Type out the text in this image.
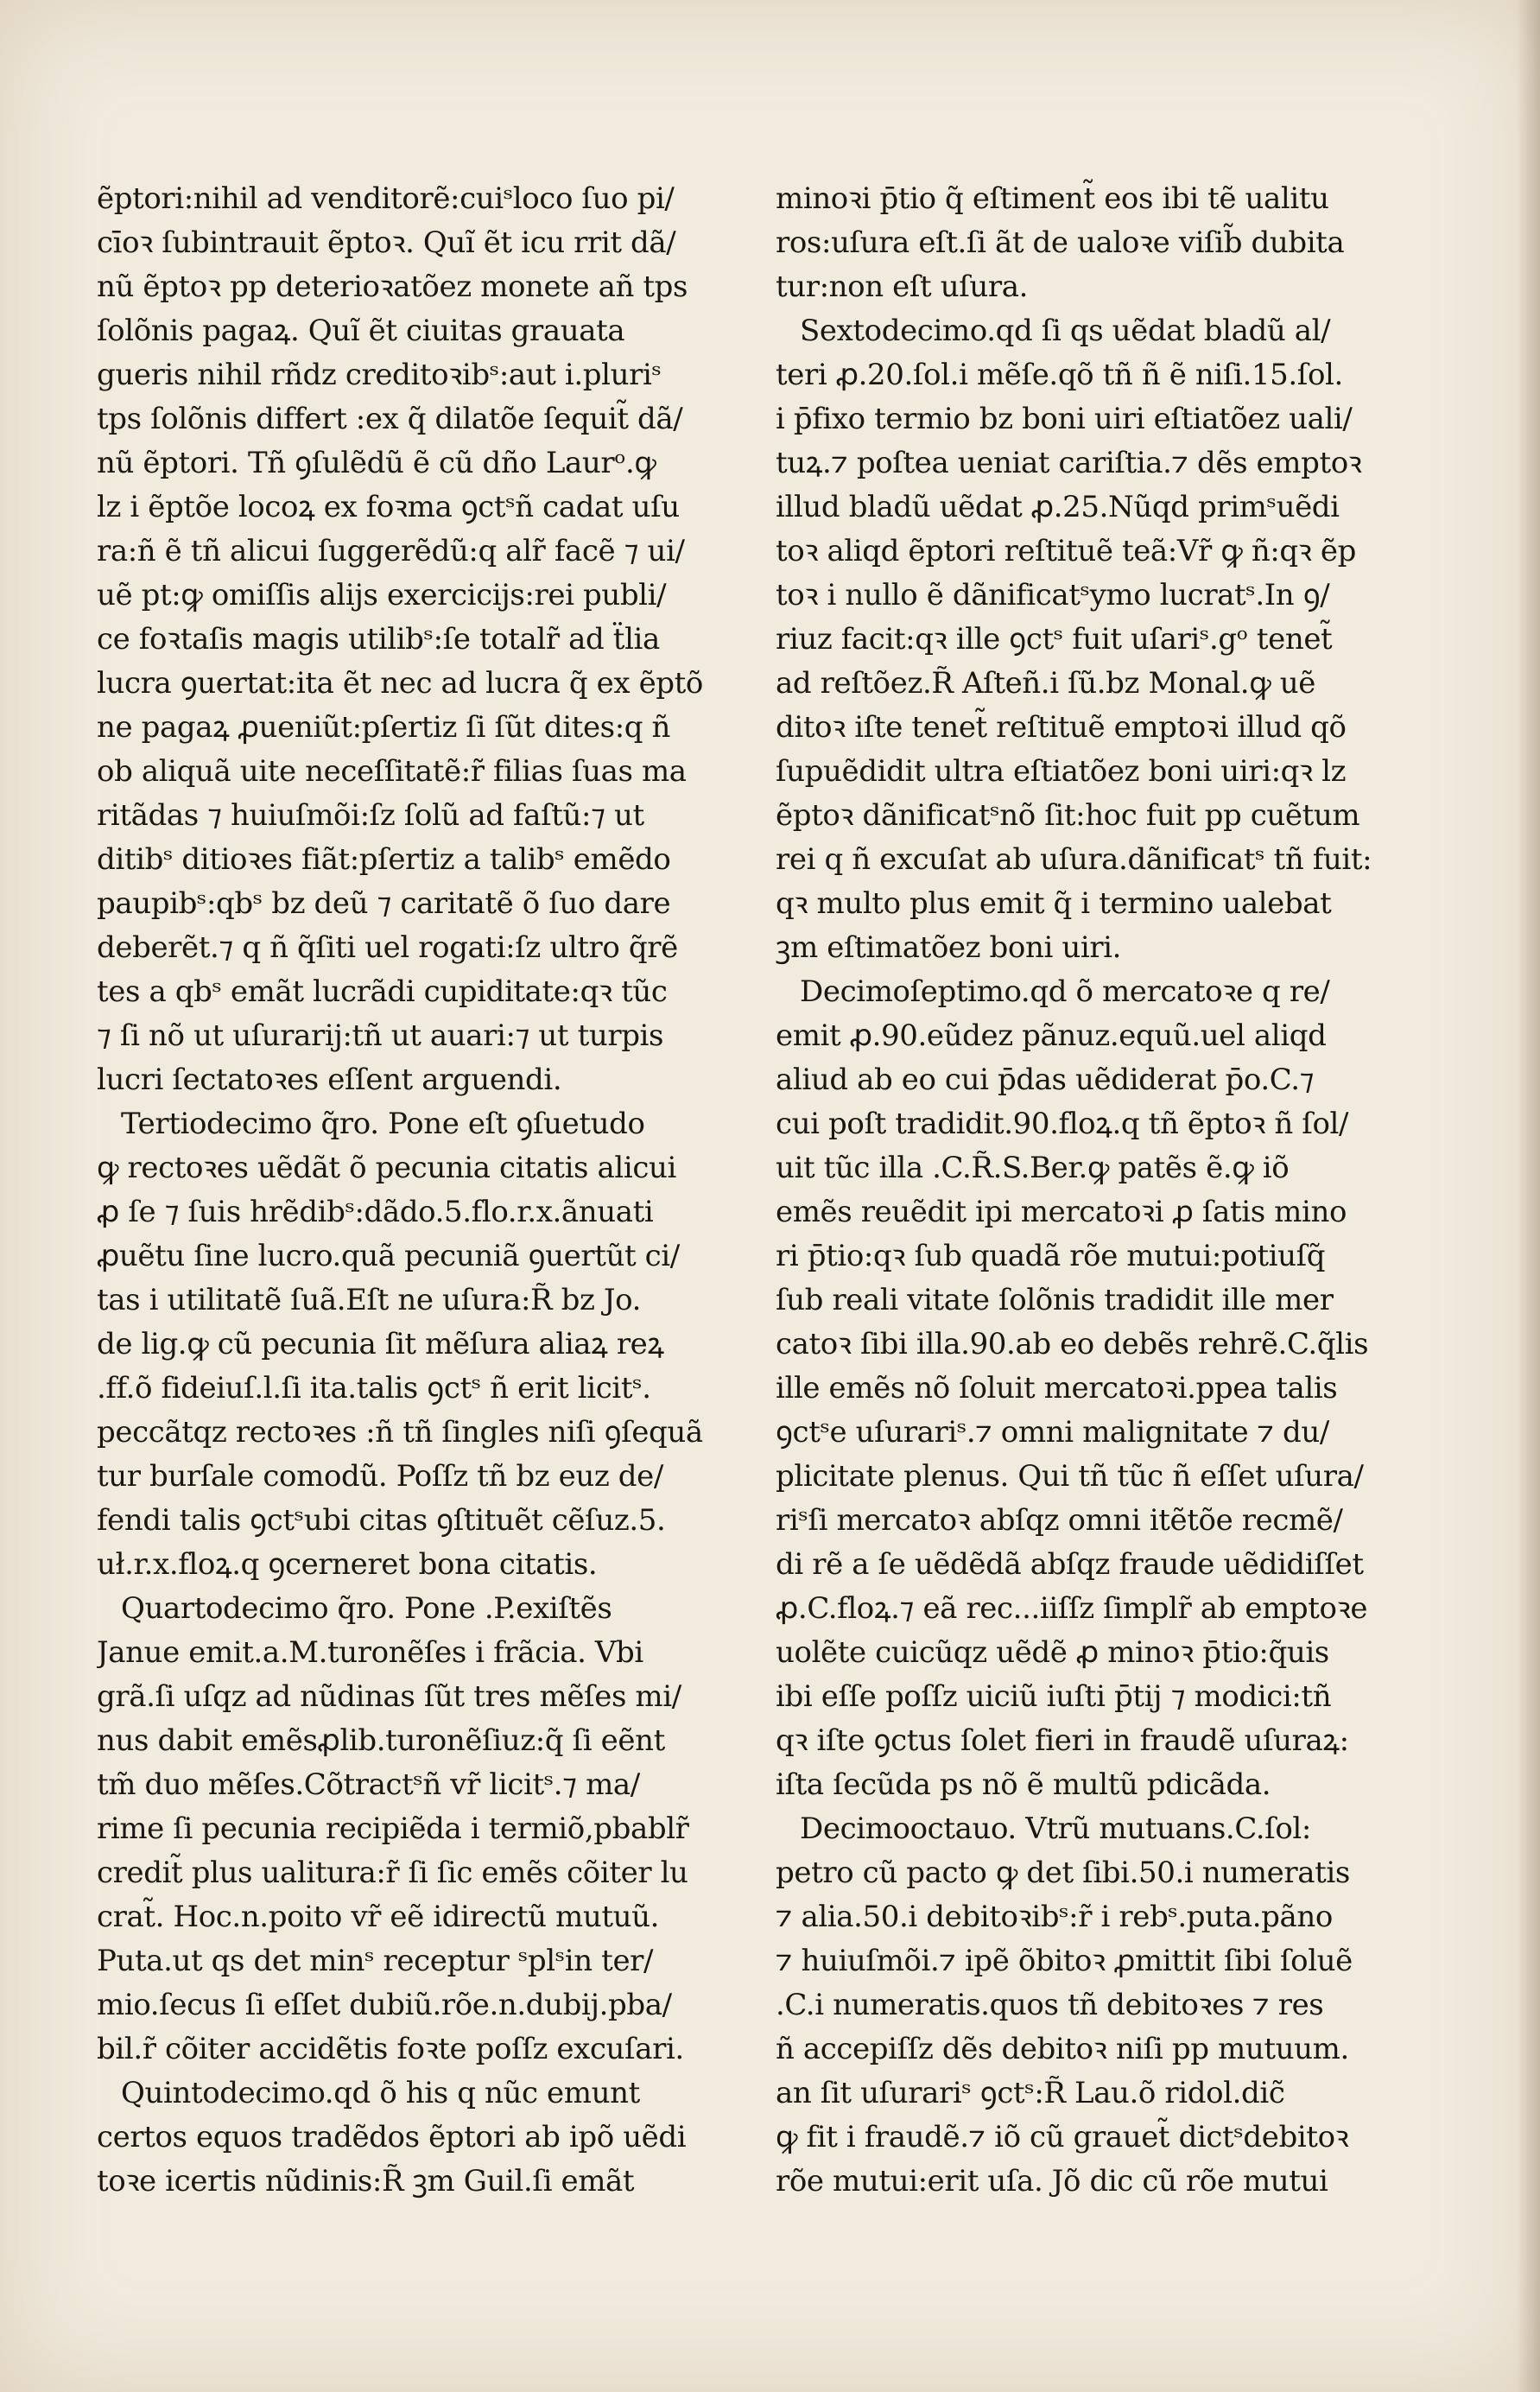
ẽptori:nihil ad venditorẽ:cuiˢloco ſuo pi/
cīoꝛ ſubintrauit ẽptoꝛ. Quĩ ẽt icu rrit dã/
nũ ẽptoꝛ pp deterioꝛatõez monete añ tps
ſolõnis pagaꝝ. Quĩ ẽt ciuitas grauata
gueris nihil rñdz creditoꝛibˢ:aut i.pluriˢ
tps ſolõnis differt :ex q̃ dilatõe ſequit̃ dã/
nũ ẽptori. Tñ ꝯſulẽdũ ẽ cũ dño Laurᵒ.ꝙ
lz i ẽptõe locoꝝ ex foꝛma ꝯctˢñ cadat uſu
ra:ñ ẽ tñ alicui ſuggerẽdũ:q alr̃ facẽ ⁊ ui/
uẽ pt:ꝙ omiſſis alijs exercicijs:rei publi/
ce foꝛtaſis magis utilibˢ:ſe totalr̃ ad ẗlia
lucra ꝯuertat:ita ẽt nec ad lucra q̃ ex ẽptõ
ne pagaꝝ ꝓueniũt:pſertiz ſi ſũt dites:q ñ
ob aliquã uite neceſſitatẽ:r̃ filias ſuas ma
ritãdas ⁊ huiuſmõi:ſz ſolũ ad faſtũ:⁊ ut
ditibˢ ditioꝛes fiãt:pſertiz a talibˢ emẽdo
paupibˢ:qbˢ bz deũ ⁊ caritatẽ õ ſuo dare
deberẽt.⁊ q ñ q̃ſiti uel rogati:ſz ultro q̃rẽ
tes a qbˢ emãt lucrãdi cupiditate:qꝛ tũc
⁊ ſi nõ ut uſurarij:tñ ut auari:⁊ ut turpis
lucri ſectatoꝛes eſſent arguendi.
Tertiodecimo q̃ro. Pone eſt ꝯſuetudo
ꝙ rectoꝛes uẽdãt õ pecunia citatis alicui
ꝓ ſe ⁊ ſuis hrẽdibˢ:dãdo.5.flo.r.x.ãnuati
ꝓuẽtu ſine lucro.quã pecuniã ꝯuertũt ci/
tas i utilitatẽ ſuã.Eſt ne uſura:R̃ bz Jo.
de lig.ꝙ cũ pecunia ſit mẽſura aliaꝝ reꝝ
.ff.õ fideiuſ.l.ſi ita.talis ꝯctˢ ñ erit licitˢ.
peccãtqz rectoꝛes :ñ tñ ſingles niſi ꝯſequã
tur burſale comodũ. Poſſz tñ bz euz de/
fendi talis ꝯctˢubi citas ꝯſtituẽt cẽſuz.5.
uł.r.x.floꝝ.q ꝯcerneret bona citatis.
Quartodecimo q̃ro. Pone .P.exiſtẽs
Janue emit.a.M.turonẽſes i frãcia. Vbi
grã.ſi uſqz ad nũdinas ſũt tres mẽſes mi/
nus dabit emẽsꝓlib.turonẽſiuz:q̃ ſi eẽnt
tm̃ duo mẽſes.Cõtractˢñ vr̃ licitˢ.⁊ ma/
rime ſi pecunia recipiẽda i termiõ,pbablr̃
credit̃ plus ualitura:r̃ ſi ſic emẽs cõiter lu
crat̃. Hoc.n.poito vr̃ eẽ idirectũ mutuũ.
Puta.ut qs det minˢ receptur ˢplˢin ter/
mio.ſecus ſi eſſet dubiũ.rõe.n.dubij.pba/
bil.r̃ cõiter accidẽtis foꝛte poſſz excuſari.
Quintodecimo.qd õ his q nũc emunt
certos equos tradẽdos ẽptori ab ipõ uẽdi
toꝛe icertis nũdinis:R̃ ꝫm Guil.ſi emãt
minoꝛi p̄tio q̃ eſtiment̃ eos ibi tẽ ualitu
ros:uſura eſt.ſi ãt de ualoꝛe viſib̃ dubita
tur:non eſt uſura.
Sextodecimo.qd ſi qs uẽdat bladũ al/
teri ꝓ.20.ſol.i mẽſe.qõ tñ ñ ẽ niſi.15.ſol.
i p̄fixo termio bz boni uiri eſtiatõez uali/
tuꝝ.⁊ poſtea ueniat cariſtia.⁊ dẽs emptoꝛ
illud bladũ uẽdat ꝓ.25.Nũqd primˢuẽdi
toꝛ aliqd ẽptori reſtituẽ teã:Vr̃ ꝙ ñ:qꝛ ẽp
toꝛ i nullo ẽ dãnificatˢymo lucratˢ.In ꝯ/
riuz facit:qꝛ ille ꝯctˢ fuit uſariˢ.gᵒ tenet̃
ad reſtõez.R̃ Aſteñ.i ſũ.bz Monal.ꝙ uẽ
ditoꝛ iſte tenet̃ reſtituẽ emptoꝛi illud qõ
ſupuẽdidit ultra eſtiatõez boni uiri:qꝛ lz
ẽptoꝛ dãnificatˢnõ ſit:hoc fuit pp cuẽtum
rei q ñ excuſat ab uſura.dãnificatˢ tñ fuit:
qꝛ multo plus emit q̃ i termino ualebat
ꝫm eſtimatõez boni uiri.
Decimoſeptimo.qd õ mercatoꝛe q re/
emit ꝓ.90.eũdez pãnuz.equũ.uel aliqd
aliud ab eo cui p̄das uẽdiderat p̄o.C.⁊
cui poſt tradidit.90.floꝝ.q tñ ẽptoꝛ ñ ſol/
uit tũc illa .C.R̃.S.Ber.ꝙ patẽs ẽ.ꝙ iõ
emẽs reuẽdit ipi mercatoꝛi ꝓ ſatis mino
ri p̄tio:qꝛ ſub quadã rõe mutui:potiuſq̃
ſub reali vitate ſolõnis tradidit ille mer
catoꝛ ſibi illa.90.ab eo debẽs rehrẽ.C.q̃lis
ille emẽs nõ ſoluit mercatoꝛi.ppea talis
ꝯctˢe uſurariˢ.⁊ omni malignitate ⁊ du/
plicitate plenus. Qui tñ tũc ñ eſſet uſura/
riˢſi mercatoꝛ abſqz omni itẽtõe recmẽ/
di rẽ a ſe uẽdẽdã abſqz fraude uẽdidiſſet
ꝓ.C.floꝝ.⁊ eã rec...iiſſz ſimplr̃ ab emptoꝛe
uolẽte cuicũqz uẽdẽ ꝓ minoꝛ p̄tio:q̃uis
ibi eſſe poſſz uiciũ iuſti p̄tij ⁊ modici:tñ
qꝛ iſte ꝯctus ſolet fieri in fraudẽ uſuraꝝ:
iſta ſecũda ps nõ ẽ multũ pdicãda.
Decimooctauo. Vtrũ mutuans.C.ſol:
petro cũ pacto ꝙ det ſibi.50.i numeratis
⁊ alia.50.i debitoꝛibˢ:r̃ i rebˢ.puta.pãno
⁊ huiuſmõi.⁊ ipẽ õbitoꝛ ꝓmittit ſibi ſoluẽ
.C.i numeratis.quos tñ debitoꝛes ⁊ res
ñ accepiſſz dẽs debitoꝛ niſi pp mutuum.
an ſit uſurariˢ ꝯctˢ:R̃ Lau.õ ridol.dic̃
ꝙ fit i fraudẽ.⁊ iõ cũ grauet̃ dictˢdebitoꝛ
rõe mutui:erit uſa. Jõ dic cũ rõe mutui
